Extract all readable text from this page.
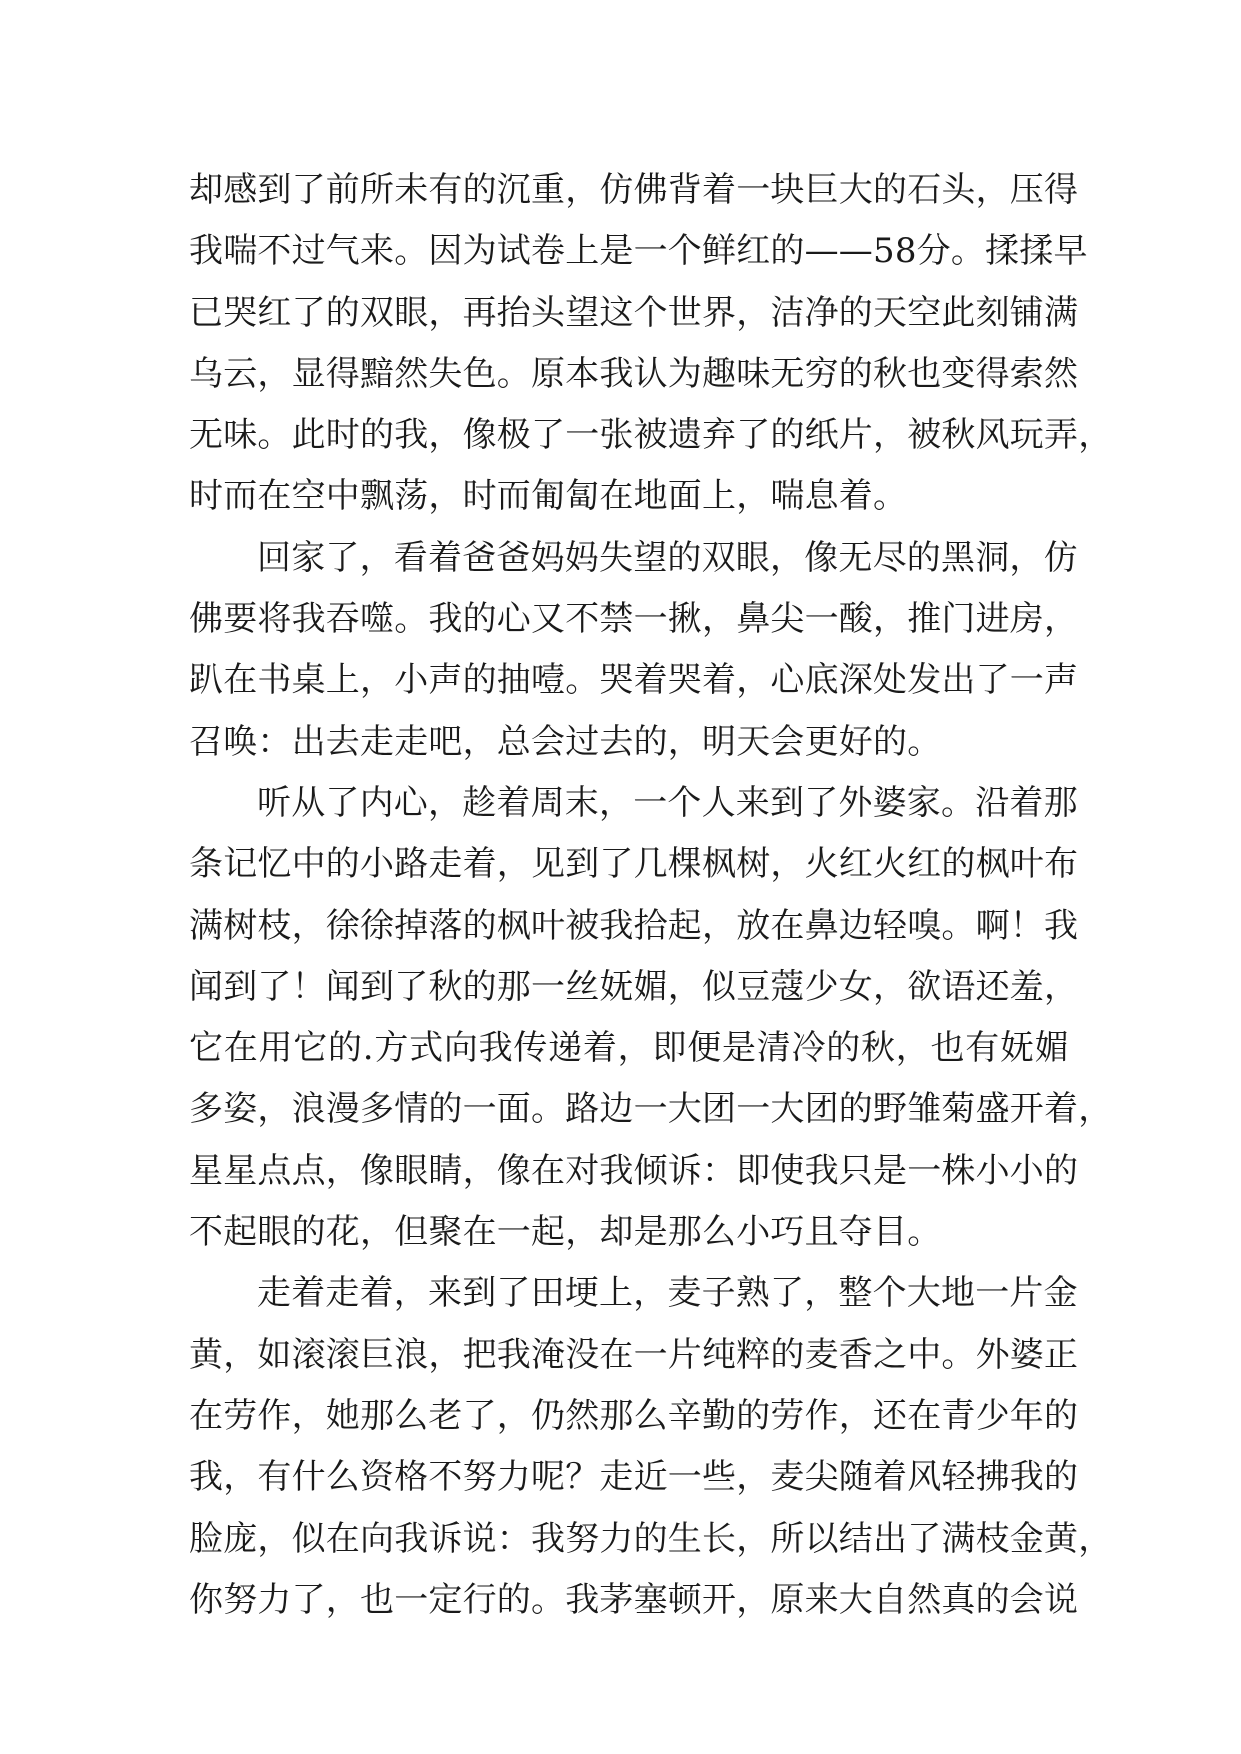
却感到了前所未有的沉重，仿佛背着一块巨大的石头，压得
我喘不过气来。因为试卷上是一个鲜红的——58分。揉揉早
已哭红了的双眼，再抬头望这个世界，洁净的天空此刻铺满
乌云，显得黯然失色。原本我认为趣味无穷的秋也变得索然
无味。此时的我，像极了一张被遗弃了的纸片，被秋风玩弄，
时而在空中飘荡，时而匍匐在地面上，喘息着。
回家了，看着爸爸妈妈失望的双眼，像无尽的黑洞，仿
佛要将我吞噬。我的心又不禁一揪，鼻尖一酸，推门进房，
趴在书桌上，小声的抽噎。哭着哭着，心底深处发出了一声
召唤：出去走走吧，总会过去的，明天会更好的。
听从了内心，趁着周末，一个人来到了外婆家。沿着那
条记忆中的小路走着，见到了几棵枫树，火红火红的枫叶布
满树枝，徐徐掉落的枫叶被我拾起，放在鼻边轻嗅。啊！我
闻到了！闻到了秋的那一丝妩媚，似豆蔻少女，欲语还羞，
它在用它的.方式向我传递着，即便是清冷的秋，也有妩媚
多姿，浪漫多情的一面。路边一大团一大团的野雏菊盛开着，
星星点点，像眼睛，像在对我倾诉：即使我只是一株小小的
不起眼的花，但聚在一起，却是那么小巧且夺目。
走着走着，来到了田埂上，麦子熟了，整个大地一片金
黄，如滚滚巨浪，把我淹没在一片纯粹的麦香之中。外婆正
在劳作，她那么老了，仍然那么辛勤的劳作，还在青少年的
我，有什么资格不努力呢？走近一些，麦尖随着风轻拂我的
脸庞，似在向我诉说：我努力的生长，所以结出了满枝金黄，
你努力了，也一定行的。我茅塞顿开，原来大自然真的会说
